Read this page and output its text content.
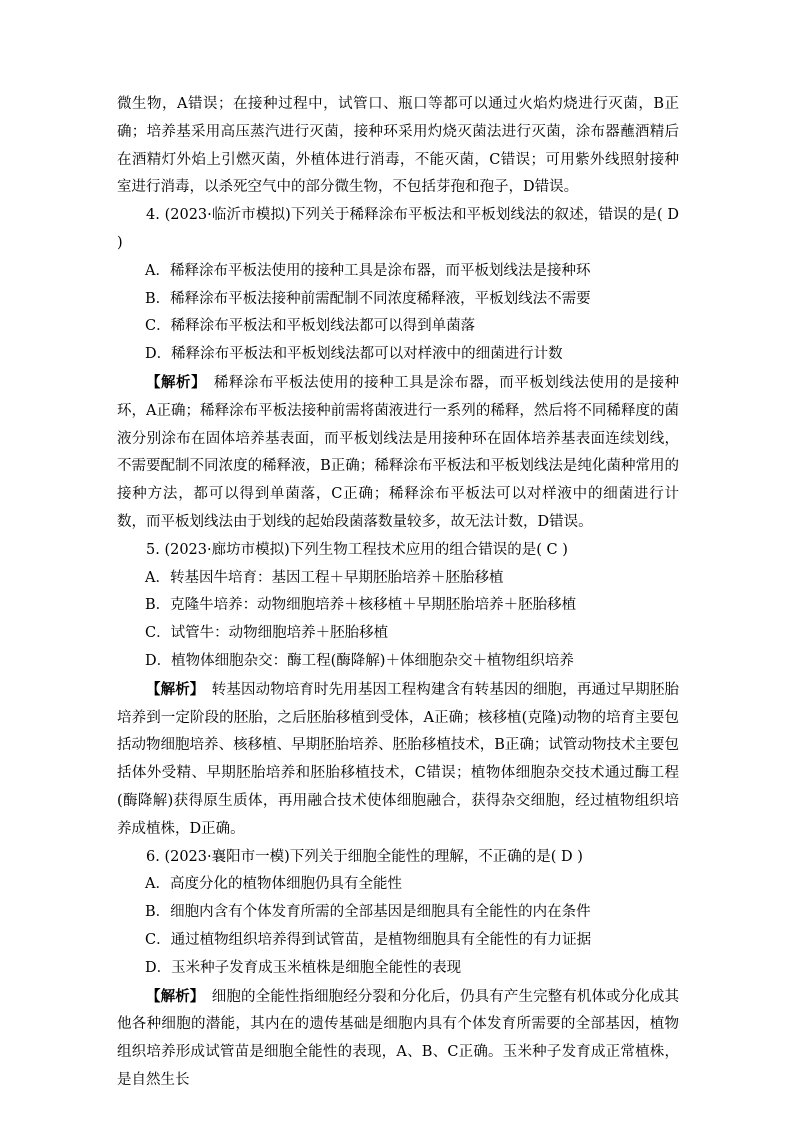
微生物，A错误；在接种过程中，试管口、瓶口等都可以通过火焰灼烧进行灭菌，B正确；培养基采用高压蒸汽进行灭菌，接种环采用灼烧灭菌法进行灭菌，涂布器蘸酒精后在酒精灯外焰上引燃灭菌，外植体进行消毒，不能灭菌，C错误；可用紫外线照射接种室进行消毒，以杀死空气中的部分微生物，不包括芽孢和孢子，D错误。

4. (2023·临沂市模拟)下列关于稀释涂布平板法和平板划线法的叙述，错误的是( D )

A．稀释涂布平板法使用的接种工具是涂布器，而平板划线法是接种环

B．稀释涂布平板法接种前需配制不同浓度稀释液，平板划线法不需要

C．稀释涂布平板法和平板划线法都可以得到单菌落

D．稀释涂布平板法和平板划线法都可以对样液中的细菌进行计数

【解析】　 稀释涂布平板法使用的接种工具是涂布器，而平板划线法使用的是接种环，A正确；稀释涂布平板法接种前需将菌液进行一系列的稀释，然后将不同稀释度的菌液分别涂布在固体培养基表面，而平板划线法是用接种环在固体培养基表面连续划线，不需要配制不同浓度的稀释液，B正确；稀释涂布平板法和平板划线法是纯化菌种常用的接种方法，都可以得到单菌落，C正确；稀释涂布平板法可以对样液中的细菌进行计数，而平板划线法由于划线的起始段菌落数量较多，故无法计数，D错误。

5. (2023·廊坊市模拟)下列生物工程技术应用的组合错误的是( C )

A．转基因牛培育：基因工程＋早期胚胎培养＋胚胎移植

B．克隆牛培养：动物细胞培养＋核移植＋早期胚胎培养＋胚胎移植

C．试管牛：动物细胞培养＋胚胎移植

D．植物体细胞杂交：酶工程(酶降解)＋体细胞杂交＋植物组织培养

【解析】　 转基因动物培育时先用基因工程构建含有转基因的细胞，再通过早期胚胎培养到一定阶段的胚胎，之后胚胎移植到受体，A正确；核移植(克隆)动物的培育主要包括动物细胞培养、核移植、早期胚胎培养、胚胎移植技术，B正确；试管动物技术主要包括体外受精、早期胚胎培养和胚胎移植技术，C错误；植物体细胞杂交技术通过酶工程(酶降解)获得原生质体，再用融合技术使体细胞融合，获得杂交细胞，经过植物组织培养成植株，D正确。

6. (2023·襄阳市一模)下列关于细胞全能性的理解，不正确的是( D )

A．高度分化的植物体细胞仍具有全能性

B．细胞内含有个体发育所需的全部基因是细胞具有全能性的内在条件

C．通过植物组织培养得到试管苗，是植物细胞具有全能性的有力证据

D．玉米种子发育成玉米植株是细胞全能性的表现

【解析】　 细胞的全能性指细胞经分裂和分化后，仍具有产生完整有机体或分化成其他各种细胞的潜能，其内在的遗传基础是细胞内具有个体发育所需要的全部基因，植物组织培养形成试管苗是细胞全能性的表现，A、B、C正确。玉米种子发育成正常植株，是自然生长
